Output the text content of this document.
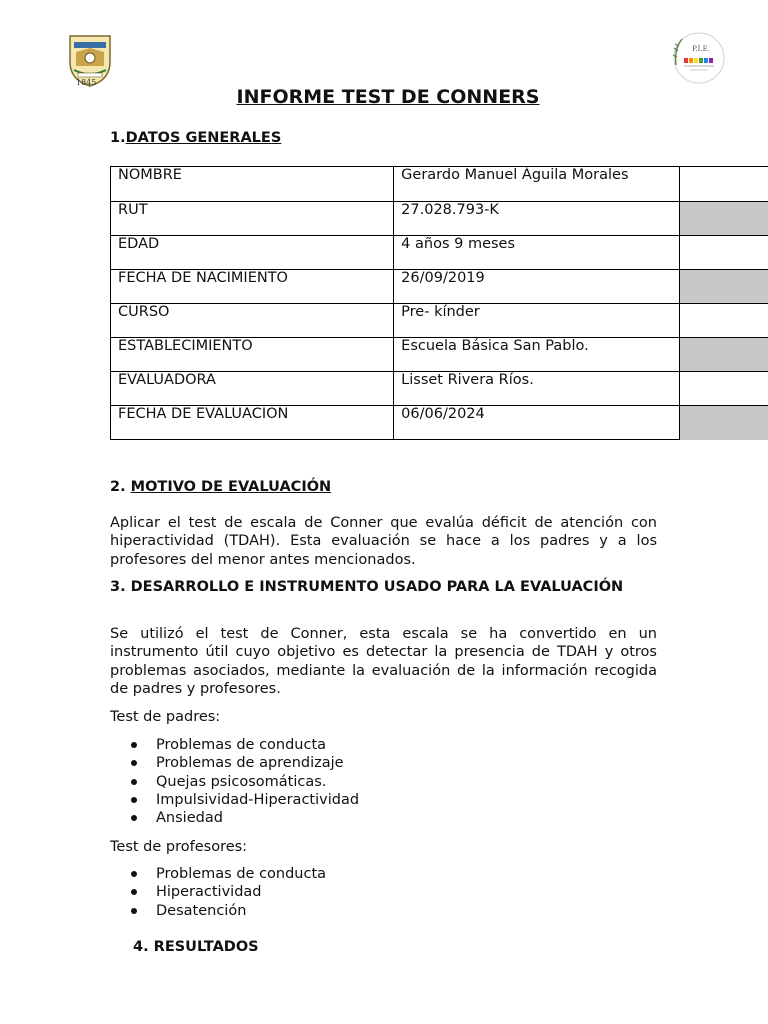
1845
P.I.E.
INFORME TEST DE CONNERS
1.DATOS GENERALES
NOMBRE	Gerardo Manuel Águila Morales	
RUT	27.028.793-K	
EDAD	4 años 9 meses	
FECHA DE NACIMIENTO	26/09/2019	
CURSO	Pre- kínder	
ESTABLECIMIENTO	Escuela Básica San Pablo.	
EVALUADORA	Lisset Rivera Ríos.	
FECHA DE EVALUACION	06/06/2024	
2. MOTIVO DE EVALUACIÓN
Aplicar el test de escala de Conner que evalúa déficit de atención con hiperactividad (TDAH). Esta evaluación se hace a los padres y a los profesores del menor antes mencionados.
3. DESARROLLO E INSTRUMENTO USADO PARA LA EVALUACIÓN
Se utilizó el test de Conner, esta escala se ha convertido en un instrumento útil cuyo objetivo es detectar la presencia de TDAH y otros problemas asociados, mediante la evaluación de la información recogida de padres y profesores.
Test de padres:
Problemas de conducta
Problemas de aprendizaje
Quejas psicosomáticas.
Impulsividad-Hiperactividad
Ansiedad
Test de profesores:
Problemas de conducta
Hiperactividad
Desatención
4. RESULTADOS
